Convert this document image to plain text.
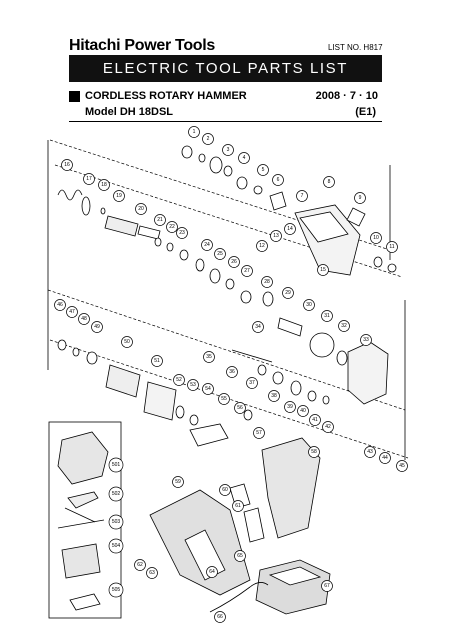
Hitachi Power Tools	LIST NO. H817
ELECTRIC TOOL PARTS LIST
CORDLESS ROTARY HAMMER	2008 · 7 · 10
Model DH 18DSL	(E1)
1
2
3
4
5
6
7
8
9
10
11
12
13
14
15
16
17
18
19
20
21
22
23
24
25
26
27
28
29
30
31
32
33
34
35
36
37
38
39
40
41
42
43
44
45
46
47
48
49
50
51
52
53
54
55
56
57
58
59
60
61
62
63	64
65
66
67
501
502
503
504
505
